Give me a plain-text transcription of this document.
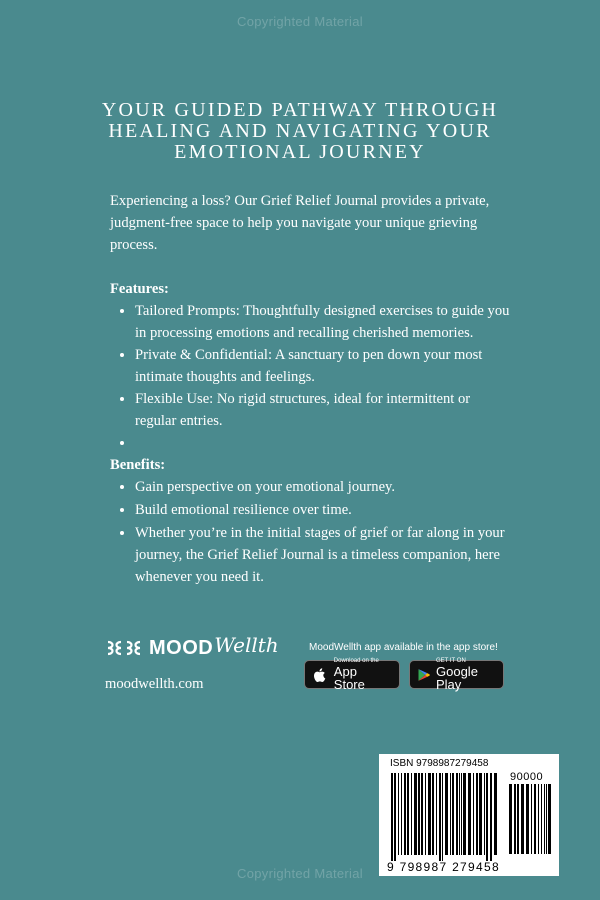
Copyrighted Material
YOUR GUIDED PATHWAY THROUGH
HEALING AND NAVIGATING YOUR
EMOTIONAL JOURNEY

Experiencing a loss? Our Grief Relief Journal provides a private, judgment-free space to help you navigate your unique grieving process.

Features:

• Tailored Prompts: Thoughtfully designed exercises to guide you in processing emotions and recalling cherished memories.
• Private & Confidential: A sanctuary to pen down your most intimate thoughts and feelings.
• Flexible Use: No rigid structures, ideal for intermittent or regular entries.
•

Benefits:

• Gain perspective on your emotional journey.
• Build emotional resilience over time.
• Whether you’re in the initial stages of grief or far along in your journey, the Grief Relief Journal is a timeless companion, here whenever you need it.
MOOD Wellth
moodwellth.com
MoodWellth app available in the app store!
Download on the
App Store
GET IT ON
Google Play
ISBN 9798987279458
90000
9 798987 279458
Copyrighted Material
